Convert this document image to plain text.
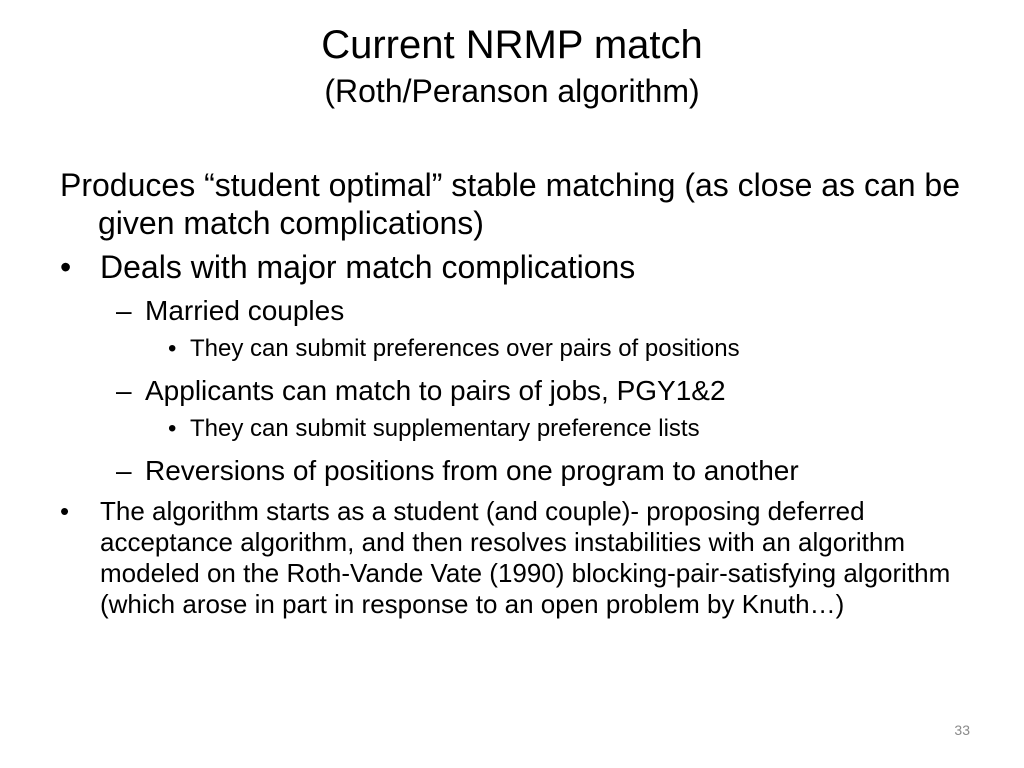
Current NRMP match
(Roth/Peranson algorithm)

Produces “student optimal” stable matching (as close as can be given match complications)

• Deals with major match complications
– Married couples
• They can submit preferences over pairs of positions
– Applicants can match to pairs of jobs, PGY1&2
• They can submit supplementary preference lists
– Reversions of positions from one program to another
• The algorithm starts as a student (and couple)- proposing deferred acceptance algorithm, and then resolves instabilities with an algorithm modeled on the Roth-Vande Vate (1990) blocking-pair-satisfying algorithm (which arose in part in response to an open problem by Knuth…)
33
